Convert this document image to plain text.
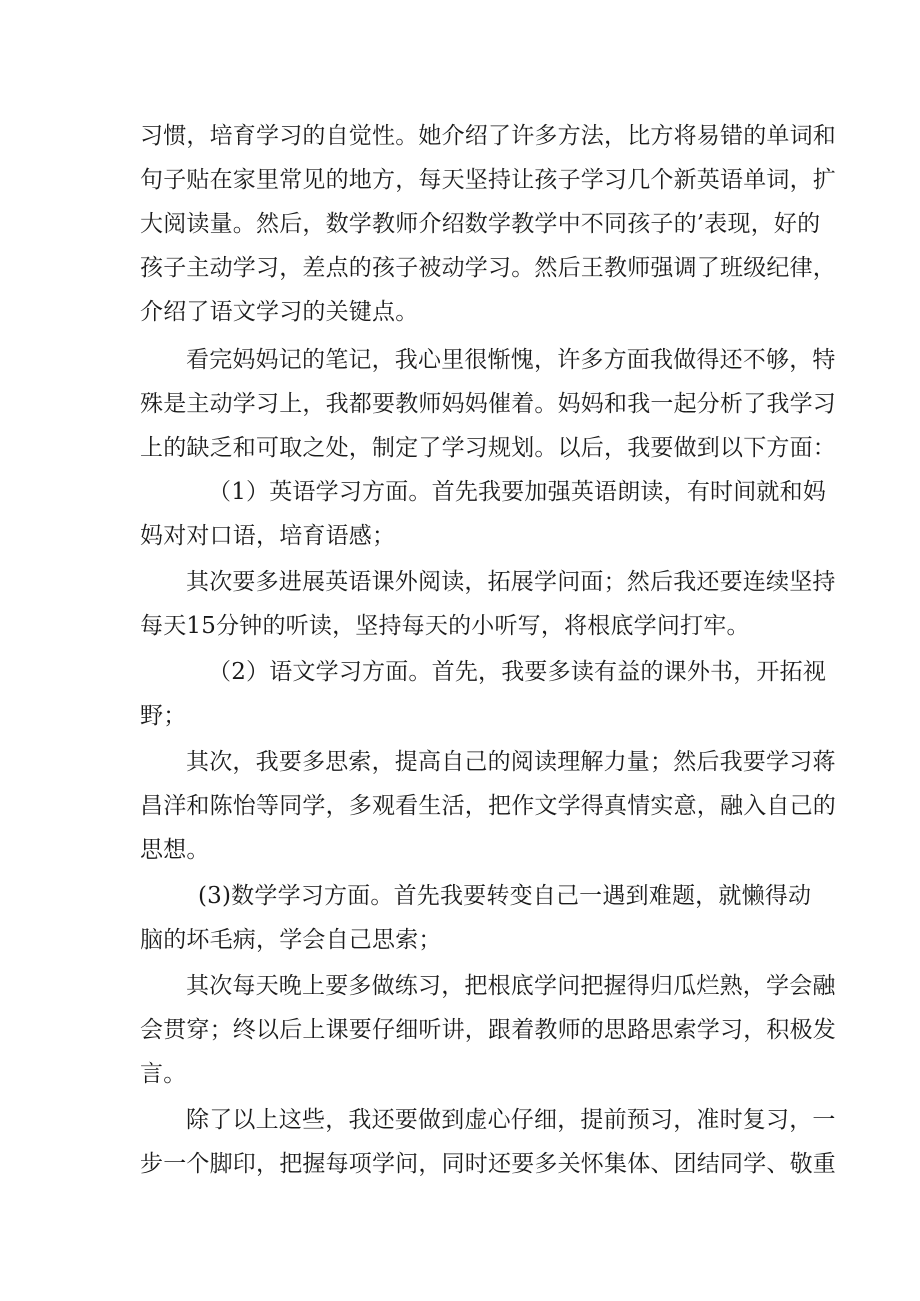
习惯，培育学习的自觉性。她介绍了许多方法，比方将易错的单词和
句子贴在家里常见的地方，每天坚持让孩子学习几个新英语单词，扩
大阅读量。然后，数学教师介绍数学教学中不同孩子的’表现，好的
孩子主动学习，差点的孩子被动学习。然后王教师强调了班级纪律，
介绍了语文学习的关键点。
看完妈妈记的笔记，我心里很惭愧，许多方面我做得还不够，特
殊是主动学习上，我都要教师妈妈催着。妈妈和我一起分析了我学习
上的缺乏和可取之处，制定了学习规划。以后，我要做到以下方面：
（1）英语学习方面。首先我要加强英语朗读，有时间就和妈
妈对对口语，培育语感；
其次要多进展英语课外阅读，拓展学问面；然后我还要连续坚持
每天15分钟的听读，坚持每天的小听写，将根底学问打牢。
（2）语文学习方面。首先，我要多读有益的课外书，开拓视
野；
其次，我要多思索，提高自己的阅读理解力量；然后我要学习蒋
昌洋和陈怡等同学，多观看生活，把作文学得真情实意，融入自己的
思想。
(3)数学学习方面。首先我要转变自己一遇到难题，就懒得动
脑的坏毛病，学会自己思索；
其次每天晚上要多做练习，把根底学问把握得归瓜烂熟，学会融
会贯穿；终以后上课要仔细听讲，跟着教师的思路思索学习，积极发
言。
除了以上这些，我还要做到虚心仔细，提前预习，准时复习，一
步一个脚印，把握每项学问，同时还要多关怀集体、团结同学、敬重
